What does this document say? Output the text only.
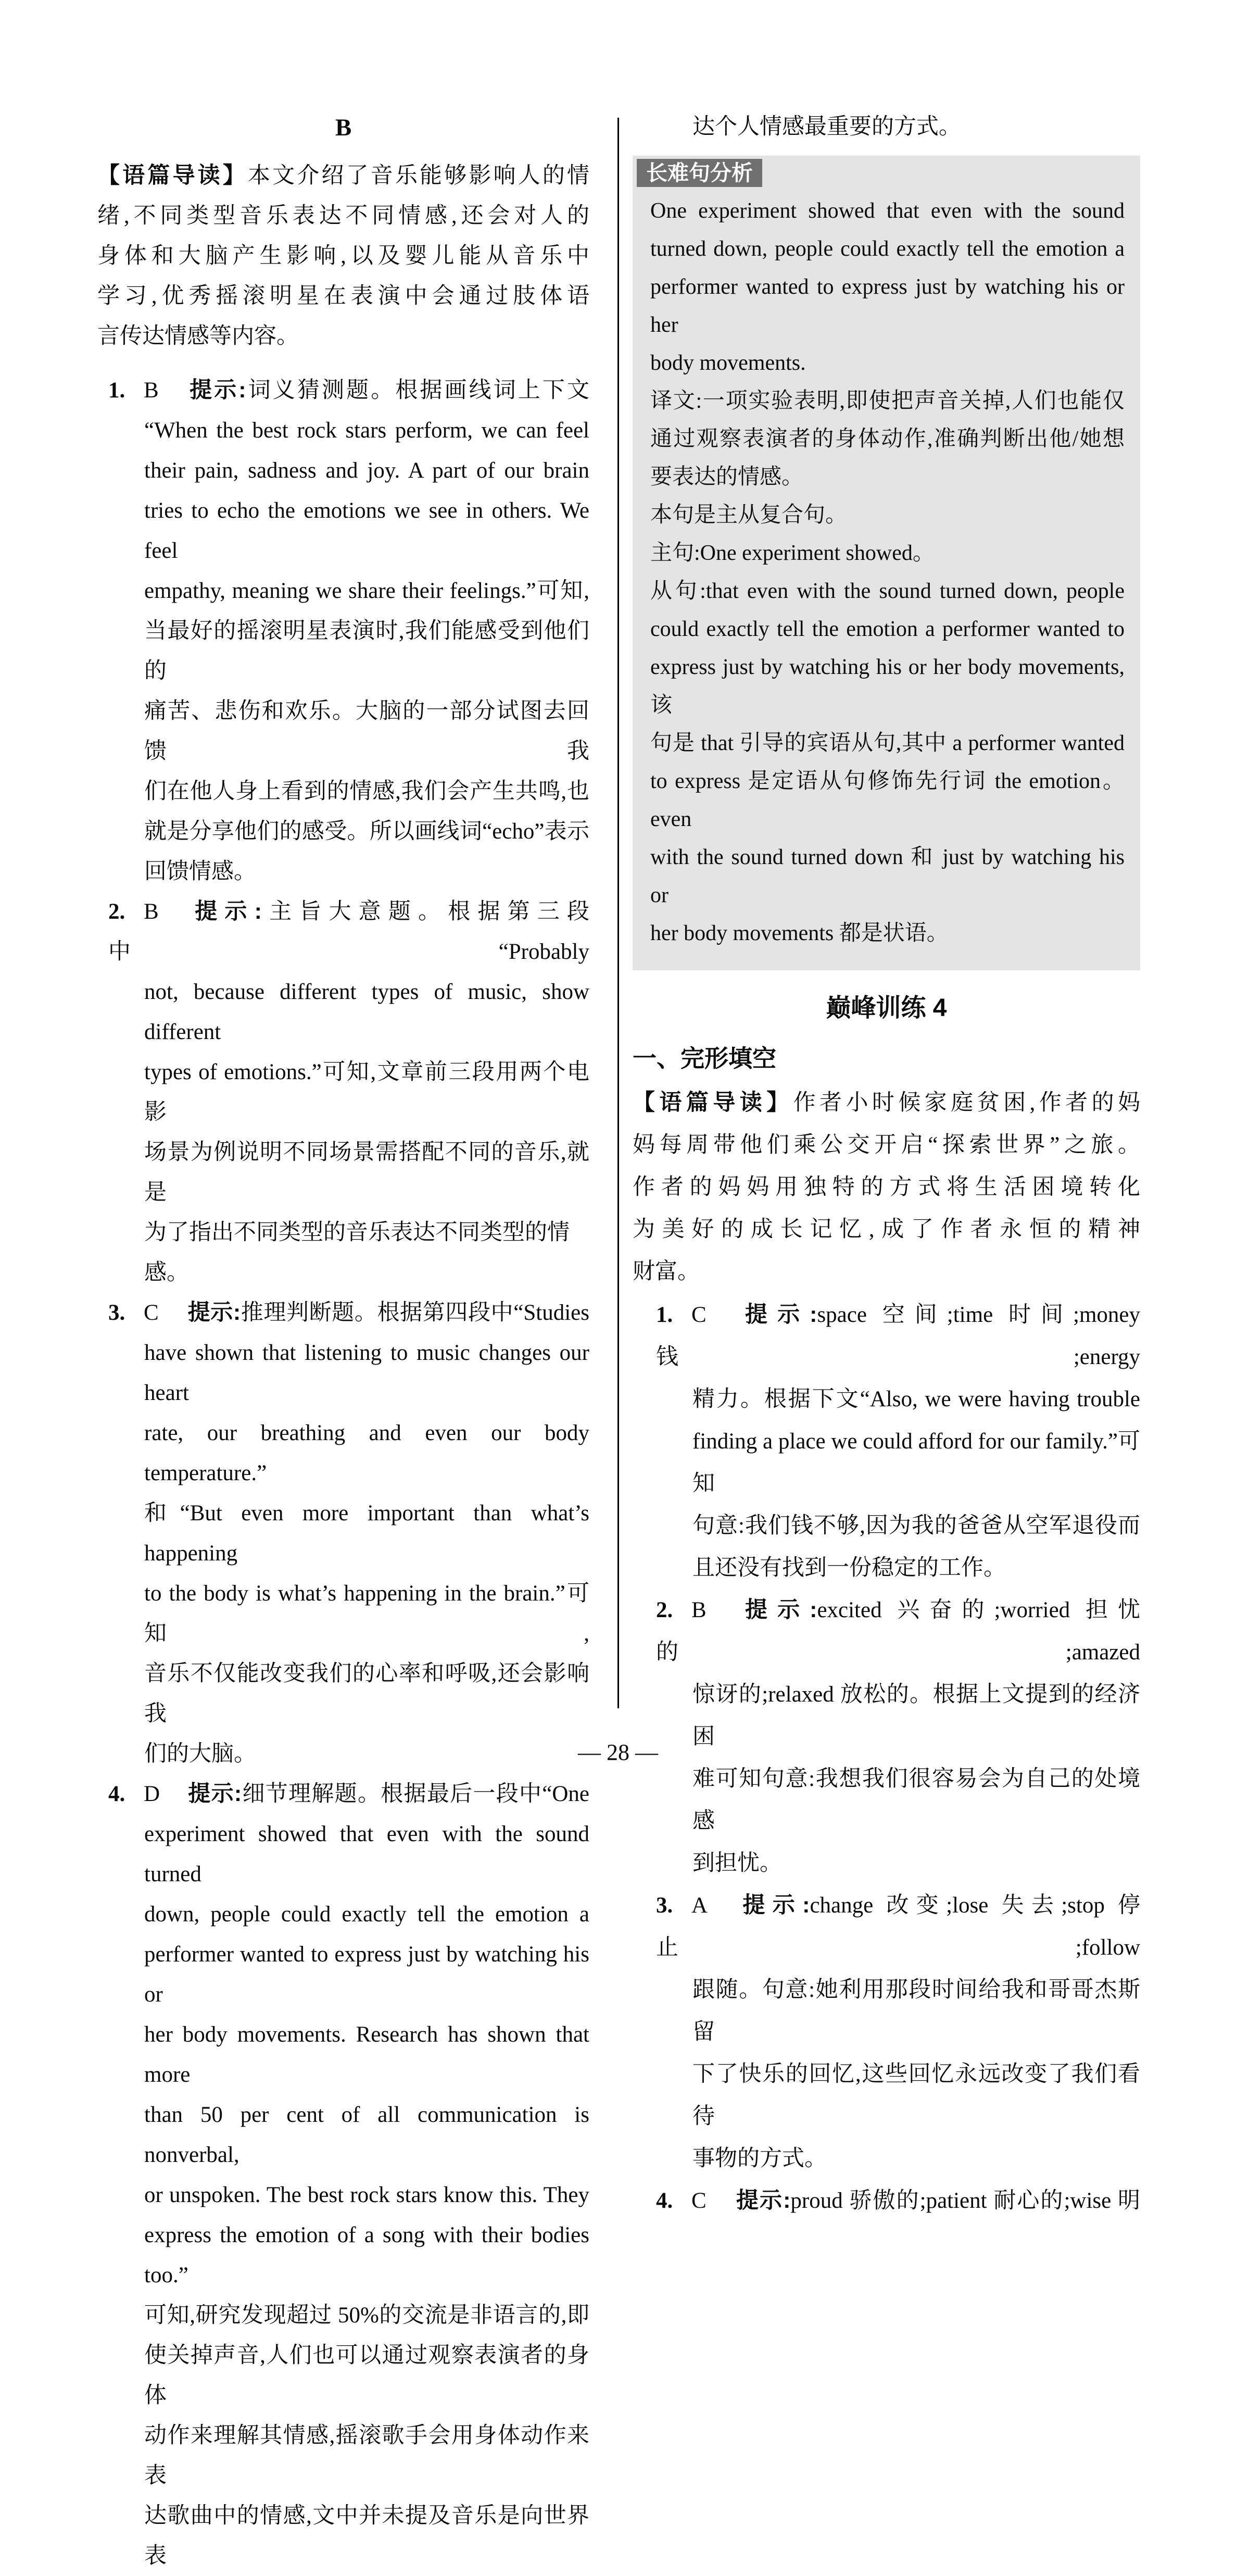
B
【语篇导读】本文介绍了音乐能够影响人的情
绪,不同类型音乐表达不同情感,还会对人的
身体和大脑产生影响,以及婴儿能从音乐中
学习,优秀摇滚明星在表演中会通过肢体语
言传达情感等内容。
1. B 提示:词义猜测题。根据画线词上下文
“When the best rock stars perform, we can feel
their pain, sadness and joy. A part of our brain
tries to echo the emotions we see in others. We feel
empathy, meaning we share their feelings.”可知,
当最好的摇滚明星表演时,我们能感受到他们的
痛苦、悲伤和欢乐。大脑的一部分试图去回馈我
们在他人身上看到的情感,我们会产生共鸣,也
就是分享他们的感受。所以画线词“echo”表示
回馈情感。
2. B 提示:主旨大意题。根据第三段中“Probably
not, because different types of music, show different
types of emotions.”可知,文章前三段用两个电影
场景为例说明不同场景需搭配不同的音乐,就是
为了指出不同类型的音乐表达不同类型的情感。
3. C 提示:推理判断题。根据第四段中“Studies
have shown that listening to music changes our heart
rate, our breathing and even our body temperature.”
和“But even more important than what’s happening
to the body is what’s happening in the brain.”可知,
音乐不仅能改变我们的心率和呼吸,还会影响我
们的大脑。
4. D 提示:细节理解题。根据最后一段中“One
experiment showed that even with the sound turned
down, people could exactly tell the emotion a
performer wanted to express just by watching his or
her body movements. Research has shown that more
than 50 per cent of all communication is nonverbal,
or unspoken. The best rock stars know this. They
express the emotion of a song with their bodies too.”
可知,研究发现超过 50%的交流是非语言的,即
使关掉声音,人们也可以通过观察表演者的身体
动作来理解其情感,摇滚歌手会用身体动作来表
达歌曲中的情感,文中并未提及音乐是向世界表
达个人情感最重要的方式。
长难句分析
One experiment showed that even with the sound
turned down, people could exactly tell the emotion a
performer wanted to express just by watching his or her
body movements.
译文:一项实验表明,即使把声音关掉,人们也能仅
通过观察表演者的身体动作,准确判断出他/她想
要表达的情感。
本句是主从复合句。
主句:One experiment showed。
从句:that even with the sound turned down, people
could exactly tell the emotion a performer wanted to
express just by watching his or her body movements,该
句是 that 引导的宾语从句,其中 a performer wanted
to express 是定语从句修饰先行词 the emotion。even
with the sound turned down 和 just by watching his or
her body movements 都是状语。
巅峰训练 4
一、完形填空
【语篇导读】作者小时候家庭贫困,作者的妈
妈每周带他们乘公交开启“探索世界”之旅。
作者的妈妈用独特的方式将生活困境转化
为美好的成长记忆,成了作者永恒的精神
财富。
1. C 提示:space 空间;time 时间;money 钱;energy
精力。根据下文“Also, we were having trouble
finding a place we could afford for our family.”可知
句意:我们钱不够,因为我的爸爸从空军退役而
且还没有找到一份稳定的工作。
2. B 提示:excited 兴奋的;worried 担忧的;amazed
惊讶的;relaxed 放松的。根据上文提到的经济困
难可知句意:我想我们很容易会为自己的处境感
到担忧。
3. A 提示:change 改变;lose 失去;stop 停止;follow
跟随。句意:她利用那段时间给我和哥哥杰斯留
下了快乐的回忆,这些回忆永远改变了我们看待
事物的方式。
4. C 提示:proud 骄傲的;patient 耐心的;wise 明
— 28 —
